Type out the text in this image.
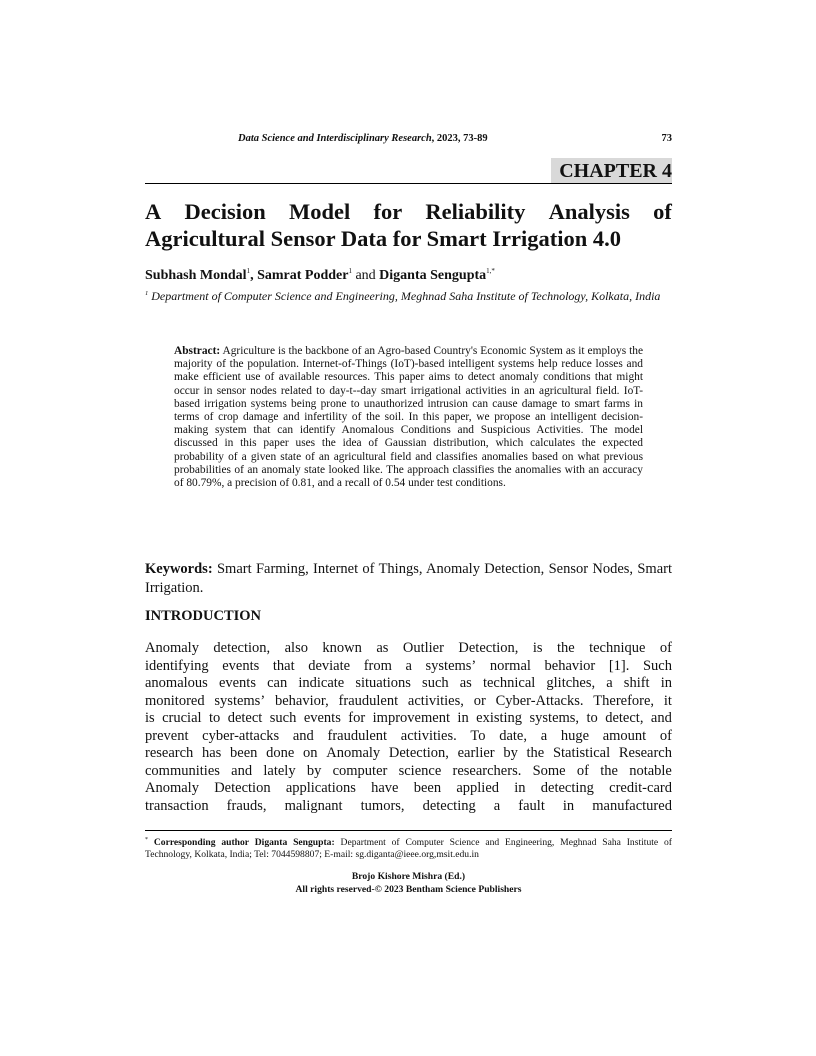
Data Science and Interdisciplinary Research, 2023, 73-89	73
CHAPTER 4
A Decision Model for Reliability Analysis of
Agricultural Sensor Data for Smart Irrigation 4.0
Subhash Mondal$^1$, Samrat Podder$^1$ and Diganta Sengupta$^{1,*}$
$^1$ Department of Computer Science and Engineering, Meghnad Saha Institute of Technology, Kolkata, India
Abstract: Agriculture is the backbone of an Agro-based Country's Economic System as it employs the majority of the population. Internet-of-Things (IoT)-based intelligent systems help reduce losses and make efficient use of available resources. This paper aims to detect anomaly conditions that might occur in sensor nodes related to day-t--day smart irrigational activities in an agricultural field. IoT-based irrigation systems being prone to unauthorized intrusion can cause damage to smart farms in terms of crop damage and infertility of the soil. In this paper, we propose an intelligent decision-making system that can identify Anomalous Conditions and Suspicious Activities. The model discussed in this paper uses the idea of Gaussian distribution, which calculates the expected probability of a given state of an agricultural field and classifies anomalies based on what previous probabilities of an anomaly state looked like. The approach classifies the anomalies with an accuracy of 80.79%, a precision of 0.81, and a recall of 0.54 under test conditions.
Keywords: Smart Farming, Internet of Things, Anomaly Detection, Sensor Nodes, Smart Irrigation.
INTRODUCTION
Anomaly detection, also known as Outlier Detection, is the technique of
identifying events that deviate from a systems’ normal behavior [1]. Such
anomalous events can indicate situations such as technical glitches, a shift in
monitored systems’ behavior, fraudulent activities, or Cyber-Attacks. Therefore, it
is crucial to detect such events for improvement in existing systems, to detect, and
prevent cyber-attacks and fraudulent activities. To date, a huge amount of
research has been done on Anomaly Detection, earlier by the Statistical Research
communities and lately by computer science researchers. Some of the notable
Anomaly Detection applications have been applied in detecting credit-card
transaction frauds, malignant tumors, detecting a fault in manufactured
* Corresponding author Diganta Sengupta: Department of Computer Science and Engineering, Meghnad Saha Institute of Technology, Kolkata, India; Tel: 7044598807; E-mail: sg.diganta@ieee.org,msit.edu.in
Brojo Kishore Mishra (Ed.)
All rights reserved-© 2023 Bentham Science Publishers
